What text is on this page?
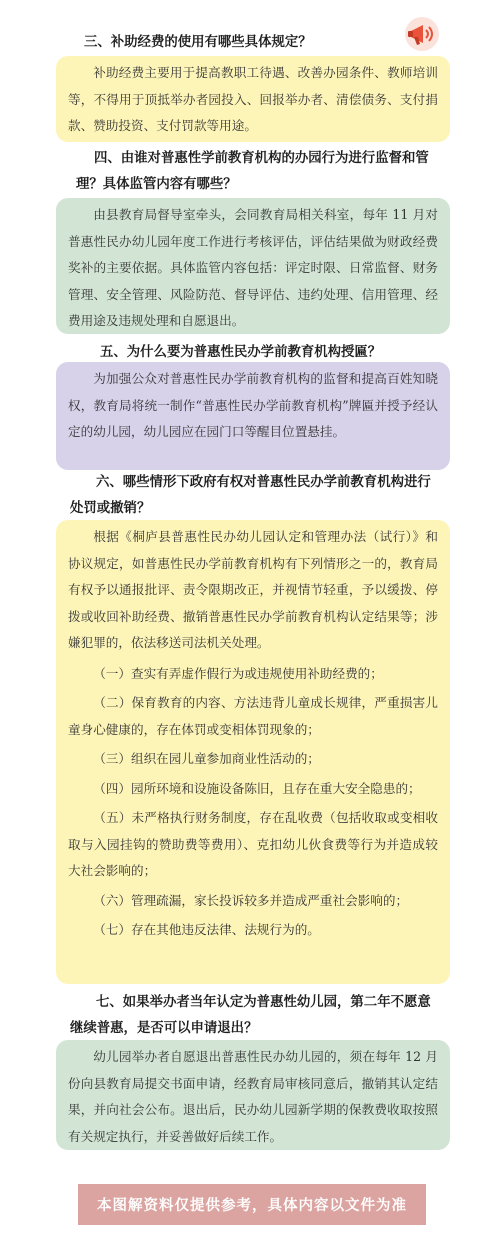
三、补助经费的使用有哪些具体规定？

补助经费主要用于提高教职工待遇、改善办园条件、教师培训等，不得用于顶抵举办者园投入、回报举办者、清偿债务、支付捐款、赞助投资、支付罚款等用途。

四、由谁对普惠性学前教育机构的办园行为进行监督和管理？具体监管内容有哪些？

由县教育局督导室牵头，会同教育局相关科室，每年 11 月对普惠性民办幼儿园年度工作进行考核评估，评估结果做为财政经费奖补的主要依据。具体监管内容包括：评定时限、日常监督、财务管理、安全管理、风险防范、督导评估、违约处理、信用管理、经费用途及违规处理和自愿退出。

五、为什么要为普惠性民办学前教育机构授匾？

为加强公众对普惠性民办学前教育机构的监督和提高百姓知晓权，教育局将统一制作“普惠性民办学前教育机构”牌匾并授予经认定的幼儿园，幼儿园应在园门口等醒目位置悬挂。

六、哪些情形下政府有权对普惠性民办学前教育机构进行处罚或撤销？

根据《桐庐县普惠性民办幼儿园认定和管理办法（试行）》和协议规定，如普惠性民办学前教育机构有下列情形之一的，教育局有权予以通报批评、责令限期改正，并视情节轻重，予以缓拨、停拨或收回补助经费、撤销普惠性民办学前教育机构认定结果等；涉嫌犯罪的，依法移送司法机关处理。

（一）查实有弄虚作假行为或违规使用补助经费的；

（二）保育教育的内容、方法违背儿童成长规律，严重损害儿童身心健康的，存在体罚或变相体罚现象的；

（三）组织在园儿童参加商业性活动的；

（四）园所环境和设施设备陈旧，且存在重大安全隐患的；

（五）未严格执行财务制度，存在乱收费（包括收取或变相收取与入园挂钩的赞助费等费用）、克扣幼儿伙食费等行为并造成较大社会影响的；

（六）管理疏漏，家长投诉较多并造成严重社会影响的；

（七）存在其他违反法律、法规行为的。

七、如果举办者当年认定为普惠性幼儿园，第二年不愿意继续普惠，是否可以申请退出？

幼儿园举办者自愿退出普惠性民办幼儿园的，须在每年 12 月份向县教育局提交书面申请，经教育局审核同意后，撤销其认定结果，并向社会公布。退出后，民办幼儿园新学期的保教费收取按照有关规定执行，并妥善做好后续工作。

本图解资料仅提供参考，具体内容以文件为准
